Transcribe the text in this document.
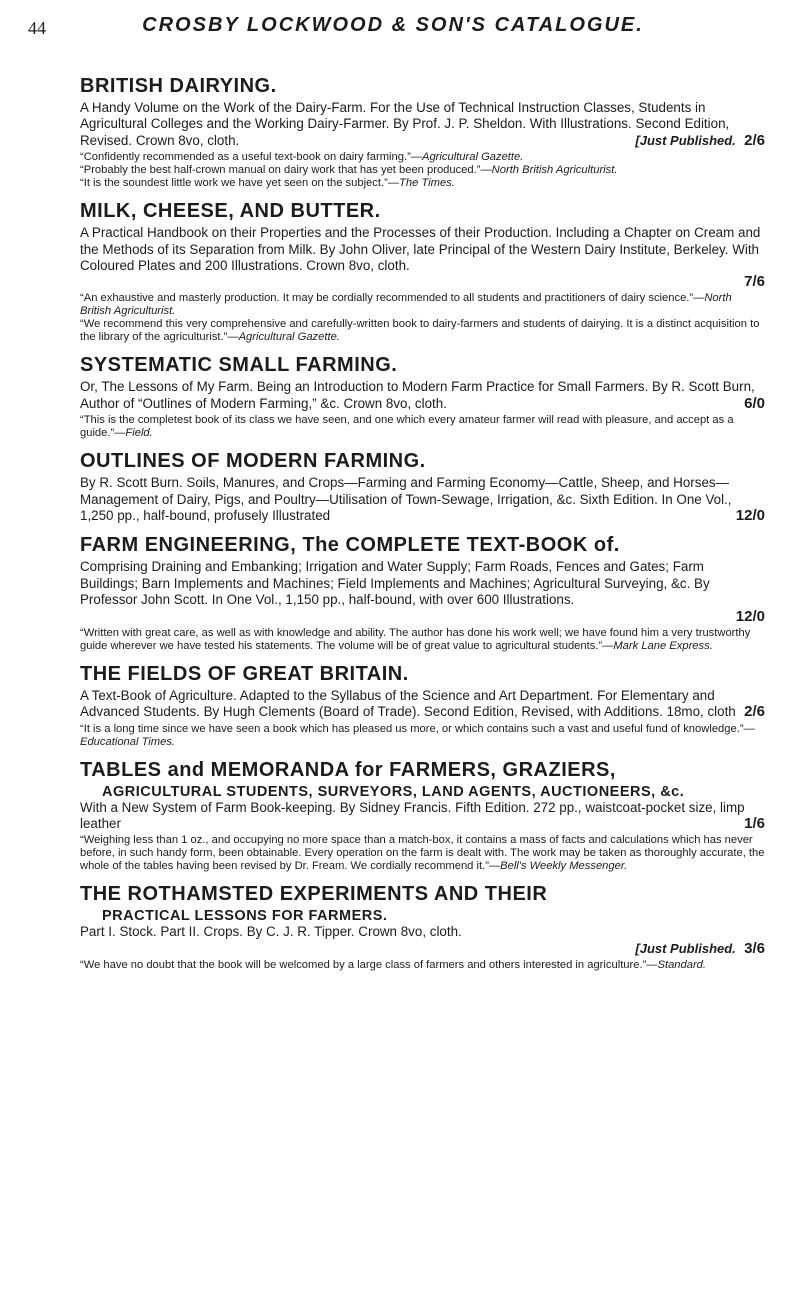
44	CROSBY LOCKWOOD & SON'S CATALOGUE.
BRITISH DAIRYING.

A Handy Volume on the Work of the Dairy-Farm. For the Use of Technical Instruction Classes, Students in Agricultural Colleges and the Working Dairy-Farmer. By Prof. J. P. Sheldon. With Illustrations. Second Edition, Revised. Crown 8vo, cloth.	[Just Published. 2/6

“Confidently recommended as a useful text-book on dairy farming.”—Agricultural Gazette.

“Probably the best half-crown manual on dairy work that has yet been produced.”—North British Agriculturist.

“It is the soundest little work we have yet seen on the subject.”—The Times.

MILK, CHEESE, AND BUTTER.

A Practical Handbook on their Properties and the Processes of their Production. Including a Chapter on Cream and the Methods of its Separation from Milk. By John Oliver, late Principal of the Western Dairy Institute, Berkeley. With Coloured Plates and 200 Illustrations. Crown 8vo, cloth.

7/6

“An exhaustive and masterly production. It may be cordially recommended to all students and practitioners of dairy science.”—North British Agriculturist.

“We recommend this very comprehensive and carefully-written book to dairy-farmers and students of dairying. It is a distinct acquisition to the library of the agriculturist.”—Agricultural Gazette.

SYSTEMATIC SMALL FARMING.

Or, The Lessons of My Farm. Being an Introduction to Modern Farm Practice for Small Farmers. By R. Scott Burn, Author of “Outlines of Modern Farming,” &c. Crown 8vo, cloth.	6/0

“This is the completest book of its class we have seen, and one which every amateur farmer will read with pleasure, and accept as a guide.”—Field.

OUTLINES OF MODERN FARMING.

By R. Scott Burn. Soils, Manures, and Crops—Farming and Farming Economy—Cattle, Sheep, and Horses—Management of Dairy, Pigs, and Poultry—Utilisation of Town-Sewage, Irrigation, &c. Sixth Edition. In One Vol., 1,250 pp., half-bound, profusely Illustrated	12/0

FARM ENGINEERING, The COMPLETE TEXT-BOOK of.

Comprising Draining and Embanking; Irrigation and Water Supply; Farm Roads, Fences and Gates; Farm Buildings; Barn Implements and Machines; Field Implements and Machines; Agricultural Surveying, &c. By Professor John Scott. In One Vol., 1,150 pp., half-bound, with over 600 Illustrations.

12/0

“Written with great care, as well as with knowledge and ability. The author has done his work well; we have found him a very trustworthy guide wherever we have tested his statements. The volume will be of great value to agricultural students.”—Mark Lane Express.

THE FIELDS OF GREAT BRITAIN.

A Text-Book of Agriculture. Adapted to the Syllabus of the Science and Art Department. For Elementary and Advanced Students. By Hugh Clements (Board of Trade). Second Edition, Revised, with Additions. 18mo, cloth 2/6

“It is a long time since we have seen a book which has pleased us more, or which contains such a vast and useful fund of knowledge.”—Educational Times.

TABLES and MEMORANDA for FARMERS, GRAZIERS,
AGRICULTURAL STUDENTS, SURVEYORS, LAND AGENTS, AUCTIONEERS, &c.

With a New System of Farm Book-keeping. By Sidney Francis. Fifth Edition. 272 pp., waistcoat-pocket size, limp leather	1/6

“Weighing less than 1 oz., and occupying no more space than a match-box, it contains a mass of facts and calculations which has never before, in such handy form, been obtainable. Every operation on the farm is dealt with. The work may be taken as thoroughly accurate, the whole of the tables having been revised by Dr. Fream. We cordially recommend it.”—Bell's Weekly Messenger.

THE ROTHAMSTED EXPERIMENTS AND THEIR
PRACTICAL LESSONS FOR FARMERS.

Part I. Stock. Part II. Crops. By C. J. R. Tipper. Crown 8vo, cloth.

[Just Published. 3/6

“We have no doubt that the book will be welcomed by a large class of farmers and others interested in agriculture.”—Standard.
